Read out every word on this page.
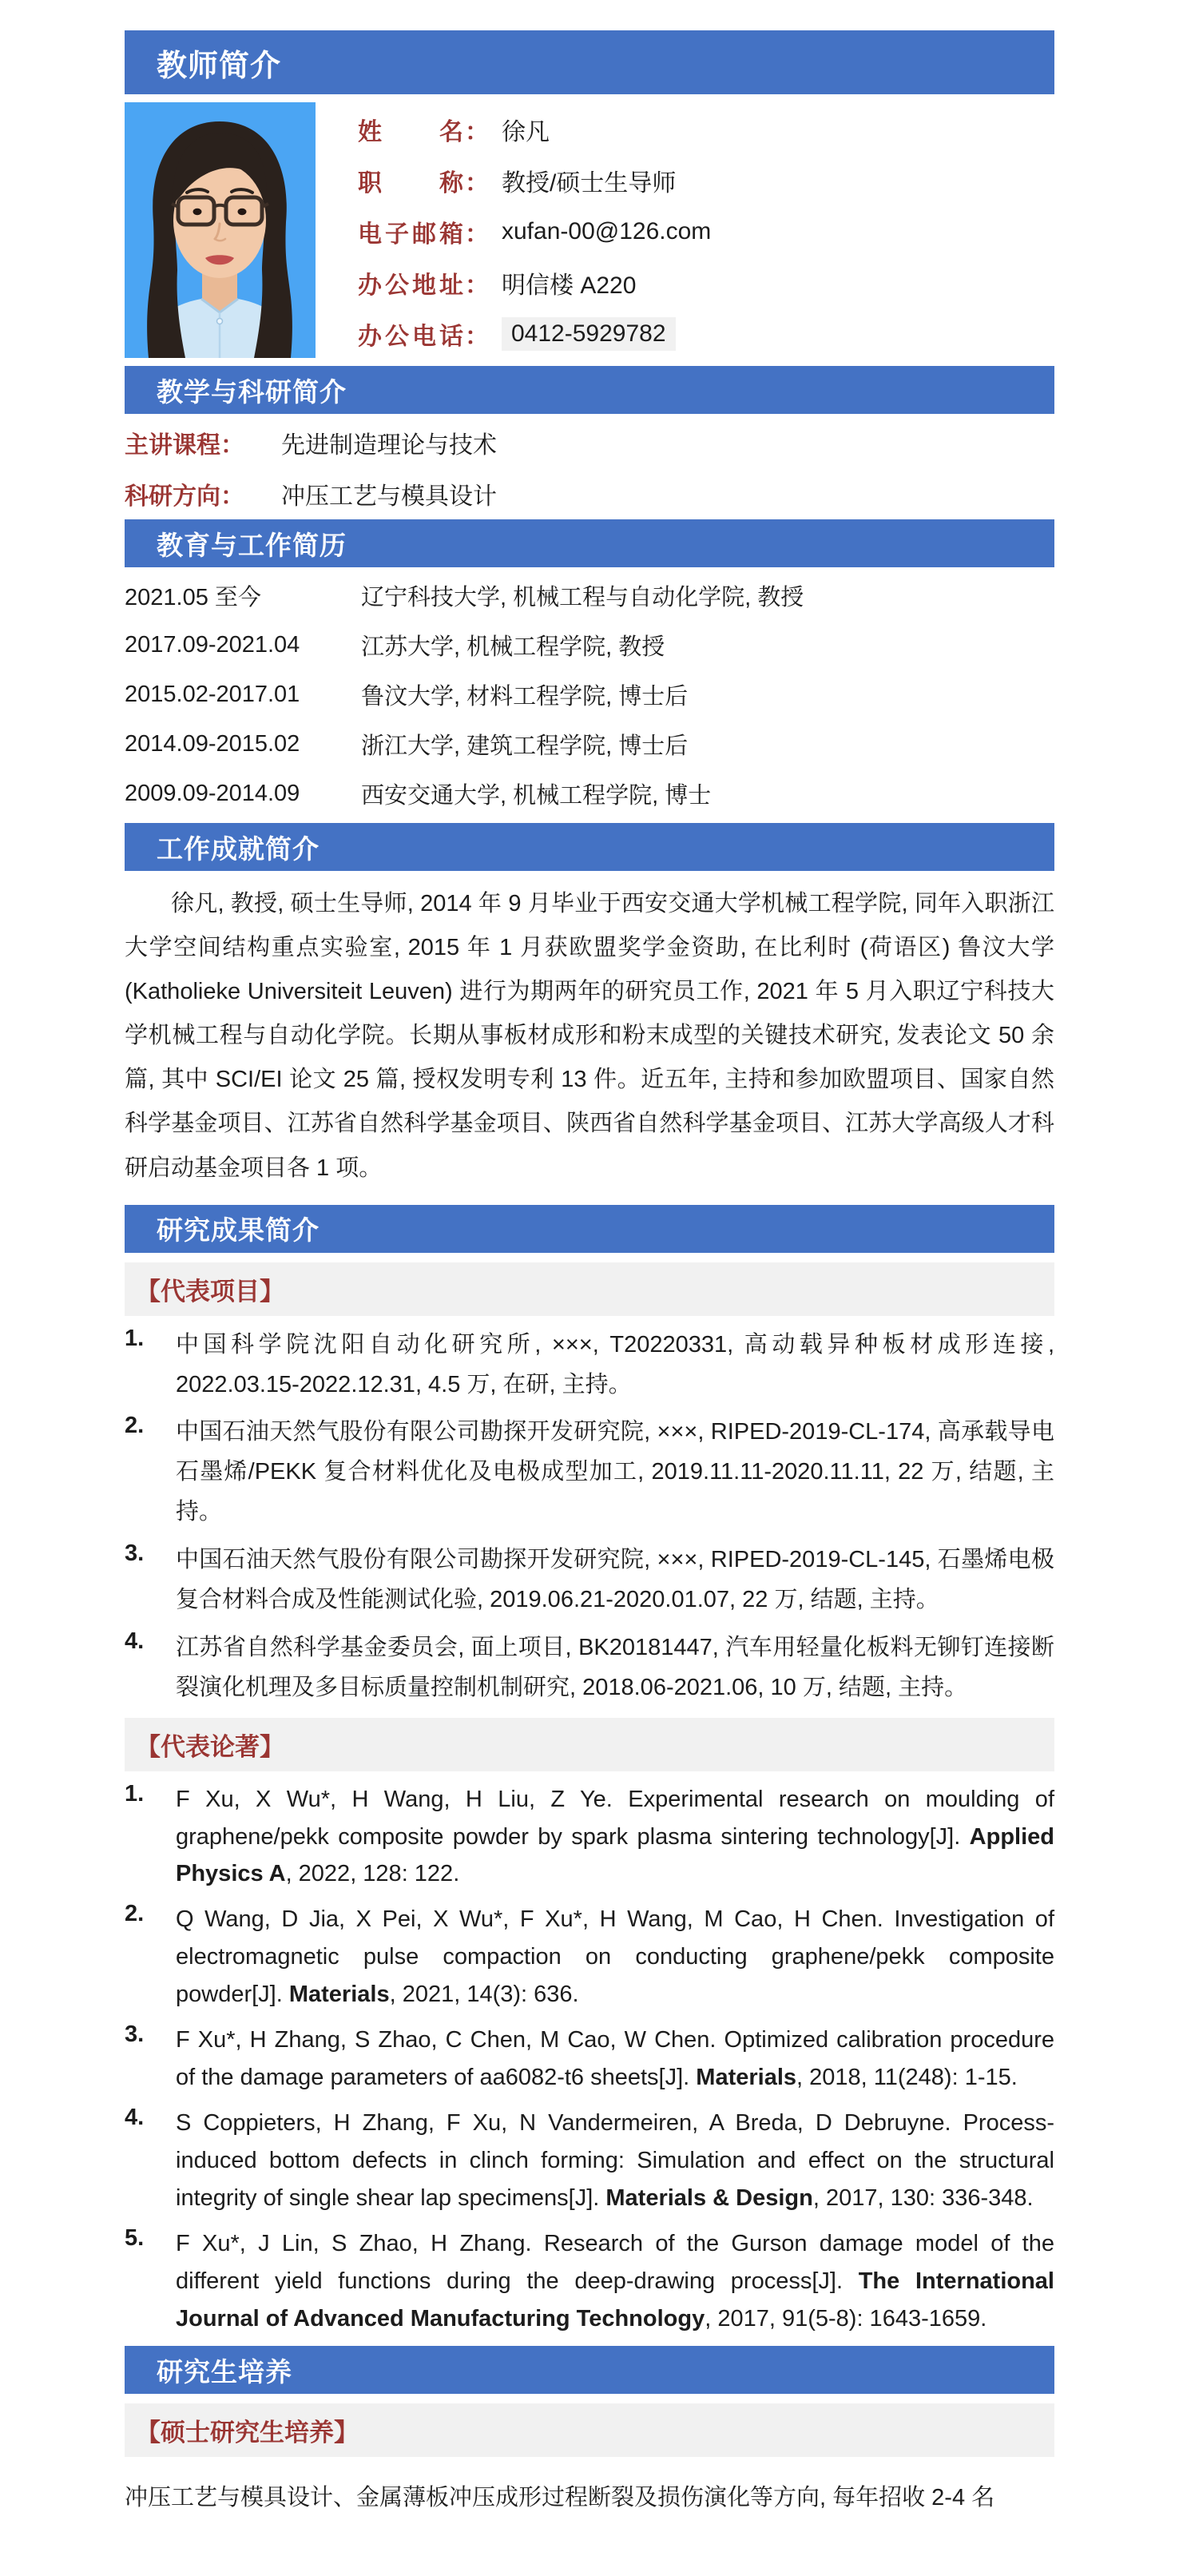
教师简介
姓名 ： 徐凡
职称 ： 教授/硕士生导师
电子邮箱 ： xufan-00@126.com
办公地址 ： 明信楼 A220
办公电话 ： 0412-5929782
教学与科研简介
主讲课程： 先进制造理论与技术
科研方向： 冲压工艺与模具设计
教育与工作简历
2021.05 至今	辽宁科技大学, 机械工程与自动化学院, 教授
2017.09-2021.04	江苏大学, 机械工程学院, 教授
2015.02-2017.01	鲁汶大学, 材料工程学院, 博士后
2014.09-2015.02	浙江大学, 建筑工程学院, 博士后
2009.09-2014.09	西安交通大学, 机械工程学院, 博士
工作成就简介

徐凡, 教授, 硕士生导师, 2014 年 9 月毕业于西安交通大学机械工程学院, 同年入职浙江大学空间结构重点实验室, 2015 年 1 月获欧盟奖学金资助, 在比利时 (荷语区) 鲁汶大学 (Katholieke Universiteit Leuven) 进行为期两年的研究员工作, 2021 年 5 月入职辽宁科技大学机械工程与自动化学院。长期从事板材成形和粉末成型的关键技术研究, 发表论文 50 余篇, 其中 SCI/EI 论文 25 篇, 授权发明专利 13 件。近五年, 主持和参加欧盟项目、国家自然科学基金项目、江苏省自然科学基金项目、陕西省自然科学基金项目、江苏大学高级人才科研启动基金项目各 1 项。

研究成果简介
【代表项目】
1.	中国科学院沈阳自动化研究所, ×××, T20220331, 高动载异种板材成形连接, 2022.03.15-2022.12.31, 4.5 万, 在研, 主持。
2.	中国石油天然气股份有限公司勘探开发研究院, ×××, RIPED-2019-CL-174, 高承载导电石墨烯/PEKK 复合材料优化及电极成型加工, 2019.11.11-2020.11.11, 22 万, 结题, 主持。
3.	中国石油天然气股份有限公司勘探开发研究院, ×××, RIPED-2019-CL-145, 石墨烯电极复合材料合成及性能测试化验, 2019.06.21-2020.01.07, 22 万, 结题, 主持。
4.	江苏省自然科学基金委员会, 面上项目, BK20181447, 汽车用轻量化板料无铆钉连接断裂演化机理及多目标质量控制机制研究, 2018.06-2021.06, 10 万, 结题, 主持。
【代表论著】
1.	F Xu, X Wu*, H Wang, H Liu, Z Ye. Experimental research on moulding of graphene/pekk composite powder by spark plasma sintering technology[J]. Applied Physics A, 2022, 128: 122.
2.	Q Wang, D Jia, X Pei, X Wu*, F Xu*, H Wang, M Cao, H Chen. Investigation of electromagnetic pulse compaction on conducting graphene/pekk composite powder[J]. Materials, 2021, 14(3): 636.
3.	F Xu*, H Zhang, S Zhao, C Chen, M Cao, W Chen. Optimized calibration procedure of the damage parameters of aa6082-t6 sheets[J]. Materials, 2018, 11(248): 1-15.
4.	S Coppieters, H Zhang, F Xu, N Vandermeiren, A Breda, D Debruyne. Process-induced bottom defects in clinch forming: Simulation and effect on the structural integrity of single shear lap specimens[J]. Materials & Design, 2017, 130: 336-348.
5.	F Xu*, J Lin, S Zhao, H Zhang. Research of the Gurson damage model of the different yield functions during the deep-drawing process[J]. The International Journal of Advanced Manufacturing Technology, 2017, 91(5-8): 1643-1659.
研究生培养
【硕士研究生培养】
冲压工艺与模具设计、金属薄板冲压成形过程断裂及损伤演化等方向, 每年招收 2-4 名
